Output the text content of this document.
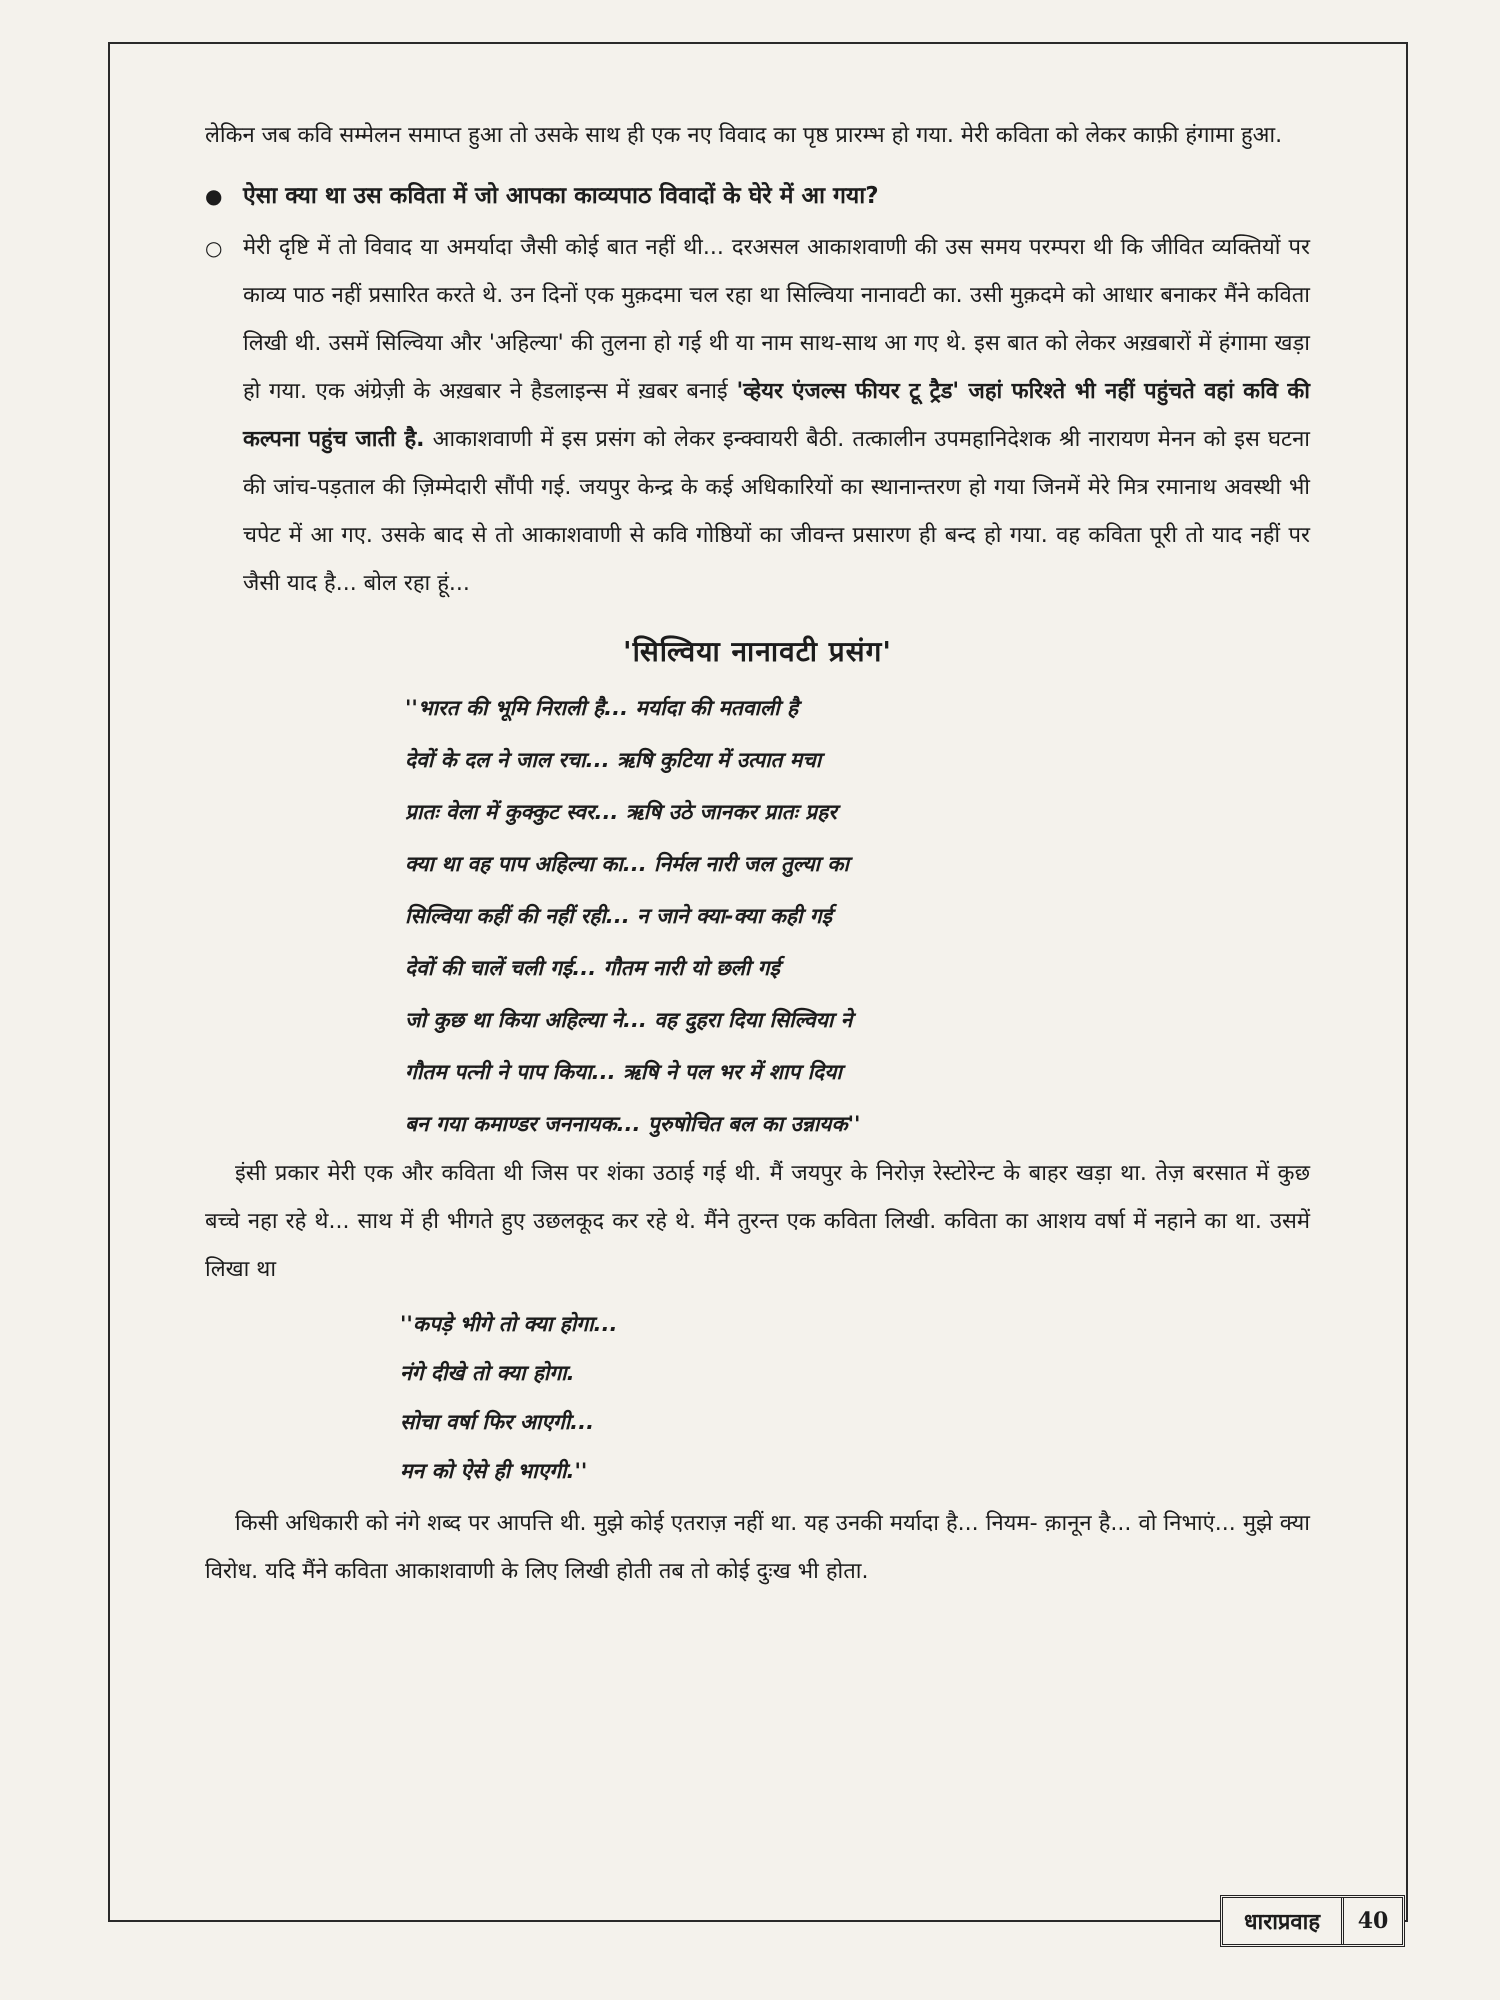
लेकिन जब कवि सम्मेलन समाप्त हुआ तो उसके साथ ही एक नए विवाद का पृष्ठ प्रारम्भ हो गया. मेरी कविता को लेकर काफ़ी हंगामा हुआ.

● ऐसा क्या था उस कविता में जो आपका काव्यपाठ विवादों के घेरे में आ गया?
○ मेरी दृष्टि में तो विवाद या अमर्यादा जैसी कोई बात नहीं थी... दरअसल आकाशवाणी की उस समय परम्परा थी कि जीवित व्यक्तियों पर काव्य पाठ नहीं प्रसारित करते थे. उन दिनों एक मुक़दमा चल रहा था सिल्विया नानावटी का. उसी मुक़दमे को आधार बनाकर मैंने कविता लिखी थी. उसमें सिल्विया और 'अहिल्या' की तुलना हो गई थी या नाम साथ-साथ आ गए थे. इस बात को लेकर अख़बारों में हंगामा खड़ा हो गया. एक अंग्रेज़ी के अख़बार ने हैडलाइन्स में ख़बर बनाई 'व्हेयर एंजल्स फीयर टू ट्रैड' जहां फरिश्ते भी नहीं पहुंचते वहां कवि की कल्पना पहुंच जाती है. आकाशवाणी में इस प्रसंग को लेकर इन्क्वायरी बैठी. तत्कालीन उपमहानिदेशक श्री नारायण मेनन को इस घटना की जांच-पड़ताल की ज़िम्मेदारी सौंपी गई. जयपुर केन्द्र के कई अधिकारियों का स्थानान्तरण हो गया जिनमें मेरे मित्र रमानाथ अवस्थी भी चपेट में आ गए. उसके बाद से तो आकाशवाणी से कवि गोष्ठियों का जीवन्त प्रसारण ही बन्द हो गया. वह कविता पूरी तो याद नहीं पर जैसी याद है... बोल रहा हूं...

'सिल्विया नानावटी प्रसंग'
''भारत की भूमि निराली है... मर्यादा की मतवाली है
देवों के दल ने जाल रचा... ऋषि कुटिया में उत्पात मचा
प्रातः वेला में कुक्कुट स्वर... ऋषि उठे जानकर प्रातः प्रहर
क्या था वह पाप अहिल्या का... निर्मल नारी जल तुल्या का
सिल्विया कहीं की नहीं रही... न जाने क्या-क्या कही गई
देवों की चालें चली गई... गौतम नारी यो छली गई
जो कुछ था किया अहिल्या ने... वह दुहरा दिया सिल्विया ने
गौतम पत्नी ने पाप किया... ऋषि ने पल भर में शाप दिया
बन गया कमाण्डर जननायक... पुरुषोचित बल का उन्नायक''

इंसी प्रकार मेरी एक और कविता थी जिस पर शंका उठाई गई थी. मैं जयपुर के निरोज़ रेस्टोरेन्ट के बाहर खड़ा था. तेज़ बरसात में कुछ बच्चे नहा रहे थे... साथ में ही भीगते हुए उछलकूद कर रहे थे. मैंने तुरन्त एक कविता लिखी. कविता का आशय वर्षा में नहाने का था. उसमें लिखा था

''कपड़े भीगे तो क्या होगा...
नंगे दीखे तो क्या होगा.
सोचा वर्षा फिर आएगी...
मन को ऐसे ही भाएगी.''

किसी अधिकारी को नंगे शब्द पर आपत्ति थी. मुझे कोई एतराज़ नहीं था. यह उनकी मर्यादा है... नियम- क़ानून है... वो निभाएं... मुझे क्या विरोध. यदि मैंने कविता आकाशवाणी के लिए लिखी होती तब तो कोई दुःख भी होता.

धाराप्रवाह	40
